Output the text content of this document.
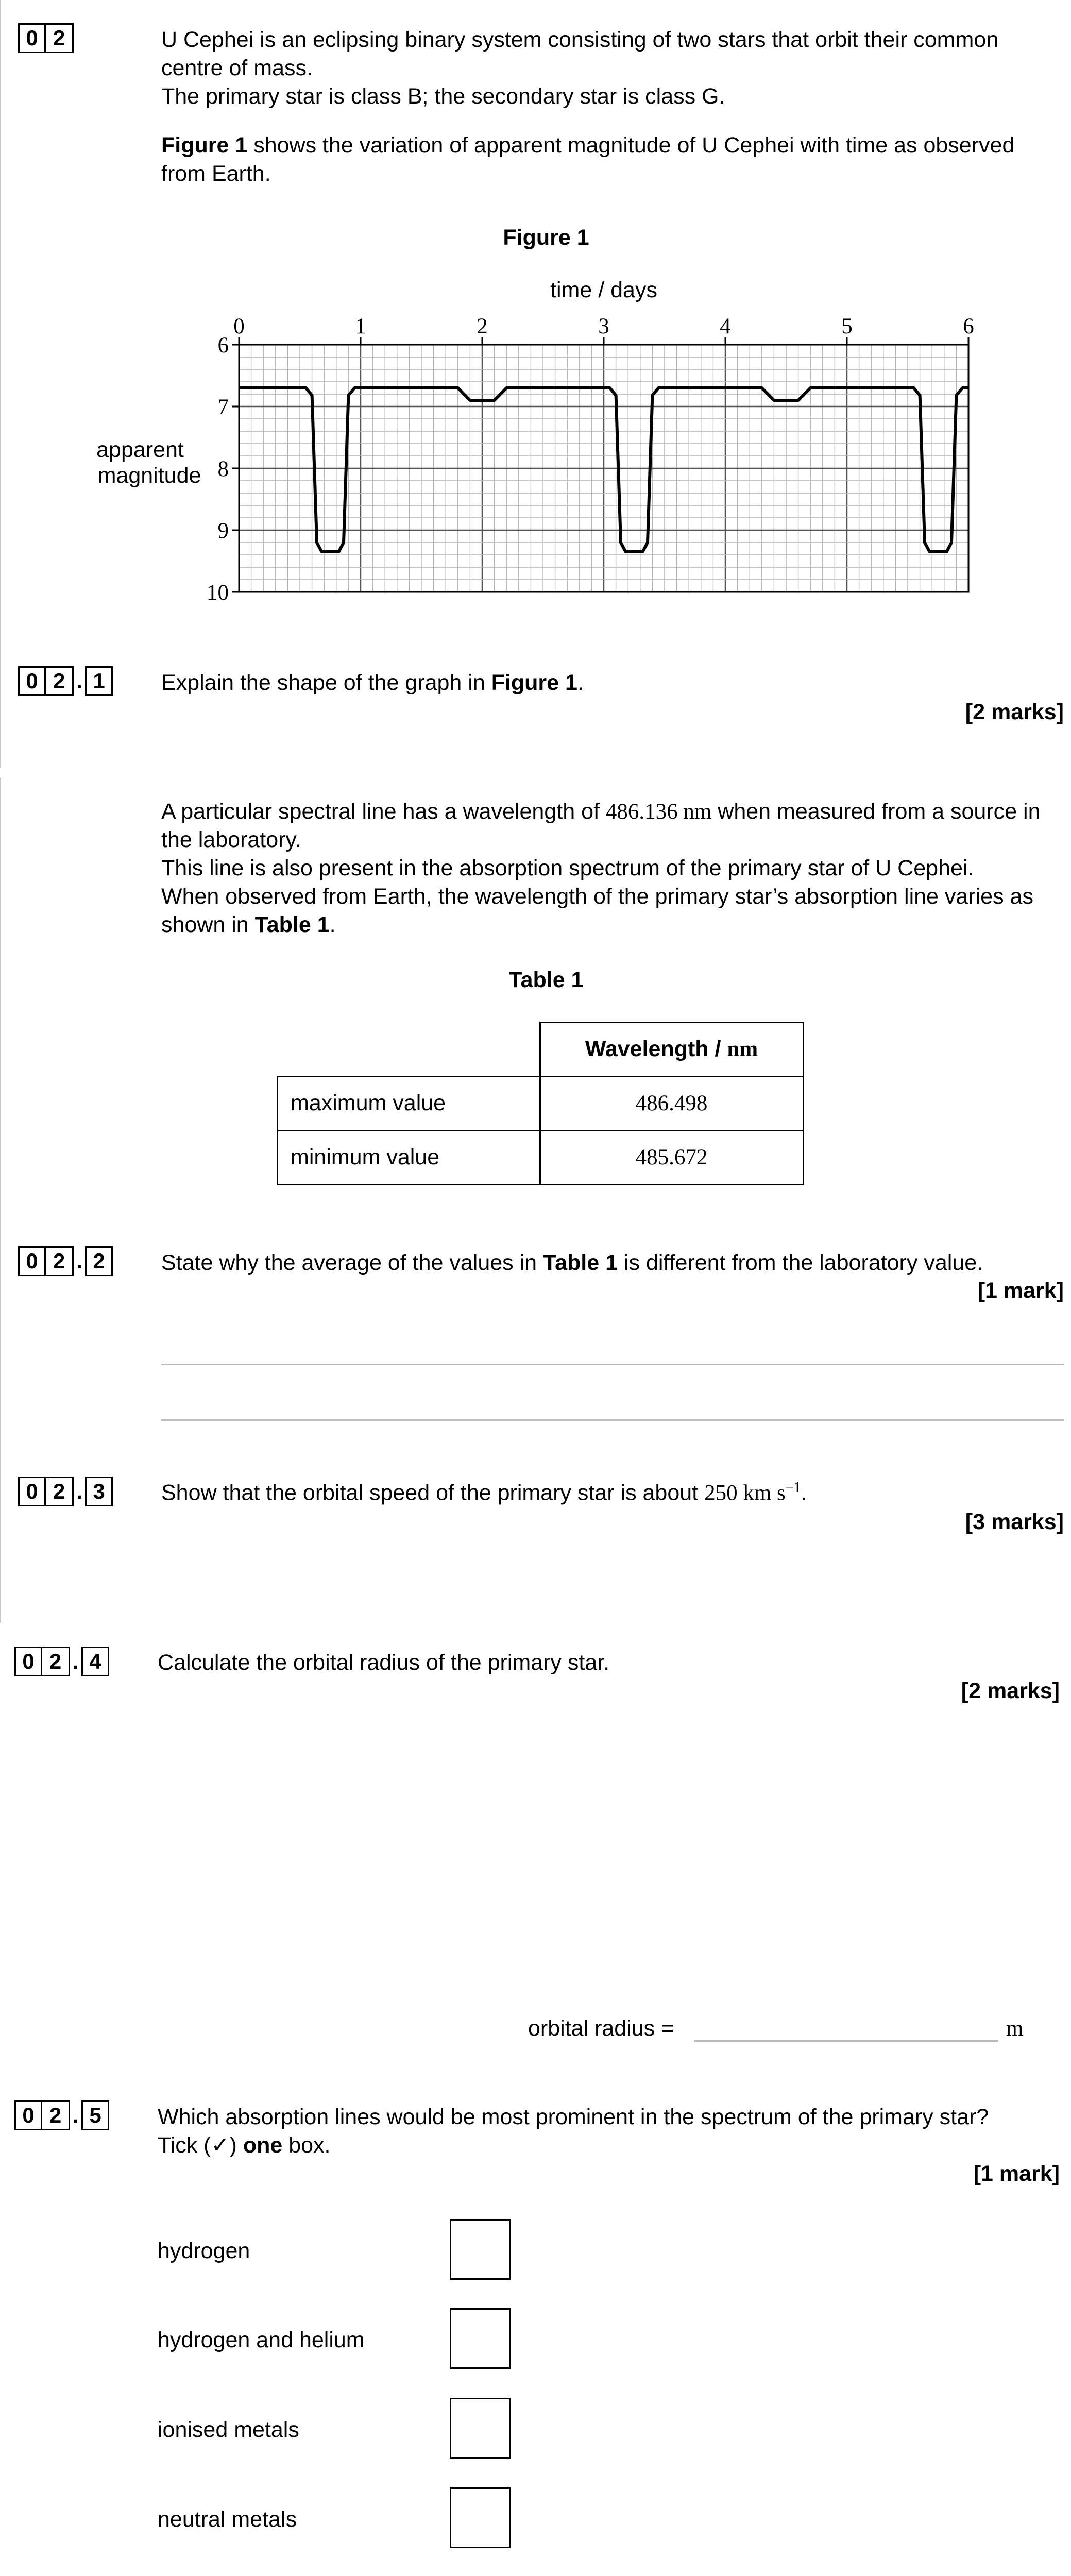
0 2	U Cephei is an eclipsing binary system consisting of two stars that orbit their common centre of mass.

The primary star is class B; the secondary star is class G.

Figure 1 shows the variation of apparent magnitude of U Cephei with time as observed from Earth.

Figure 1
0	1	2	3	4	5	6
6
7
8
9
10
time / days
apparent
magnitude
0 2 . 1	Explain the shape of the graph in Figure 1.
[2 marks]

A particular spectral line has a wavelength of 486.136 nm when measured from a source in the laboratory.

This line is also present in the absorption spectrum of the primary star of U Cephei.

When observed from Earth, the wavelength of the primary star’s absorption line varies as shown in Table 1.

Table 1
	Wavelength / nm
maximum value	486.498
minimum value	485.672
0 2 . 2	State why the average of the values in Table 1 is different from the laboratory value.
[1 mark]
0 2 . 3	Show that the orbital speed of the primary star is about 250 km $s^{-1}$.
[3 marks]
0 2 . 4	Calculate the orbital radius of the primary star.
[2 marks]
orbital radius =	m
0 2 . 5	Which absorption lines would be most prominent in the spectrum of the primary star?

Tick (✓) one box.

[1 mark]
hydrogen
hydrogen and helium
ionised metals
neutral metals
